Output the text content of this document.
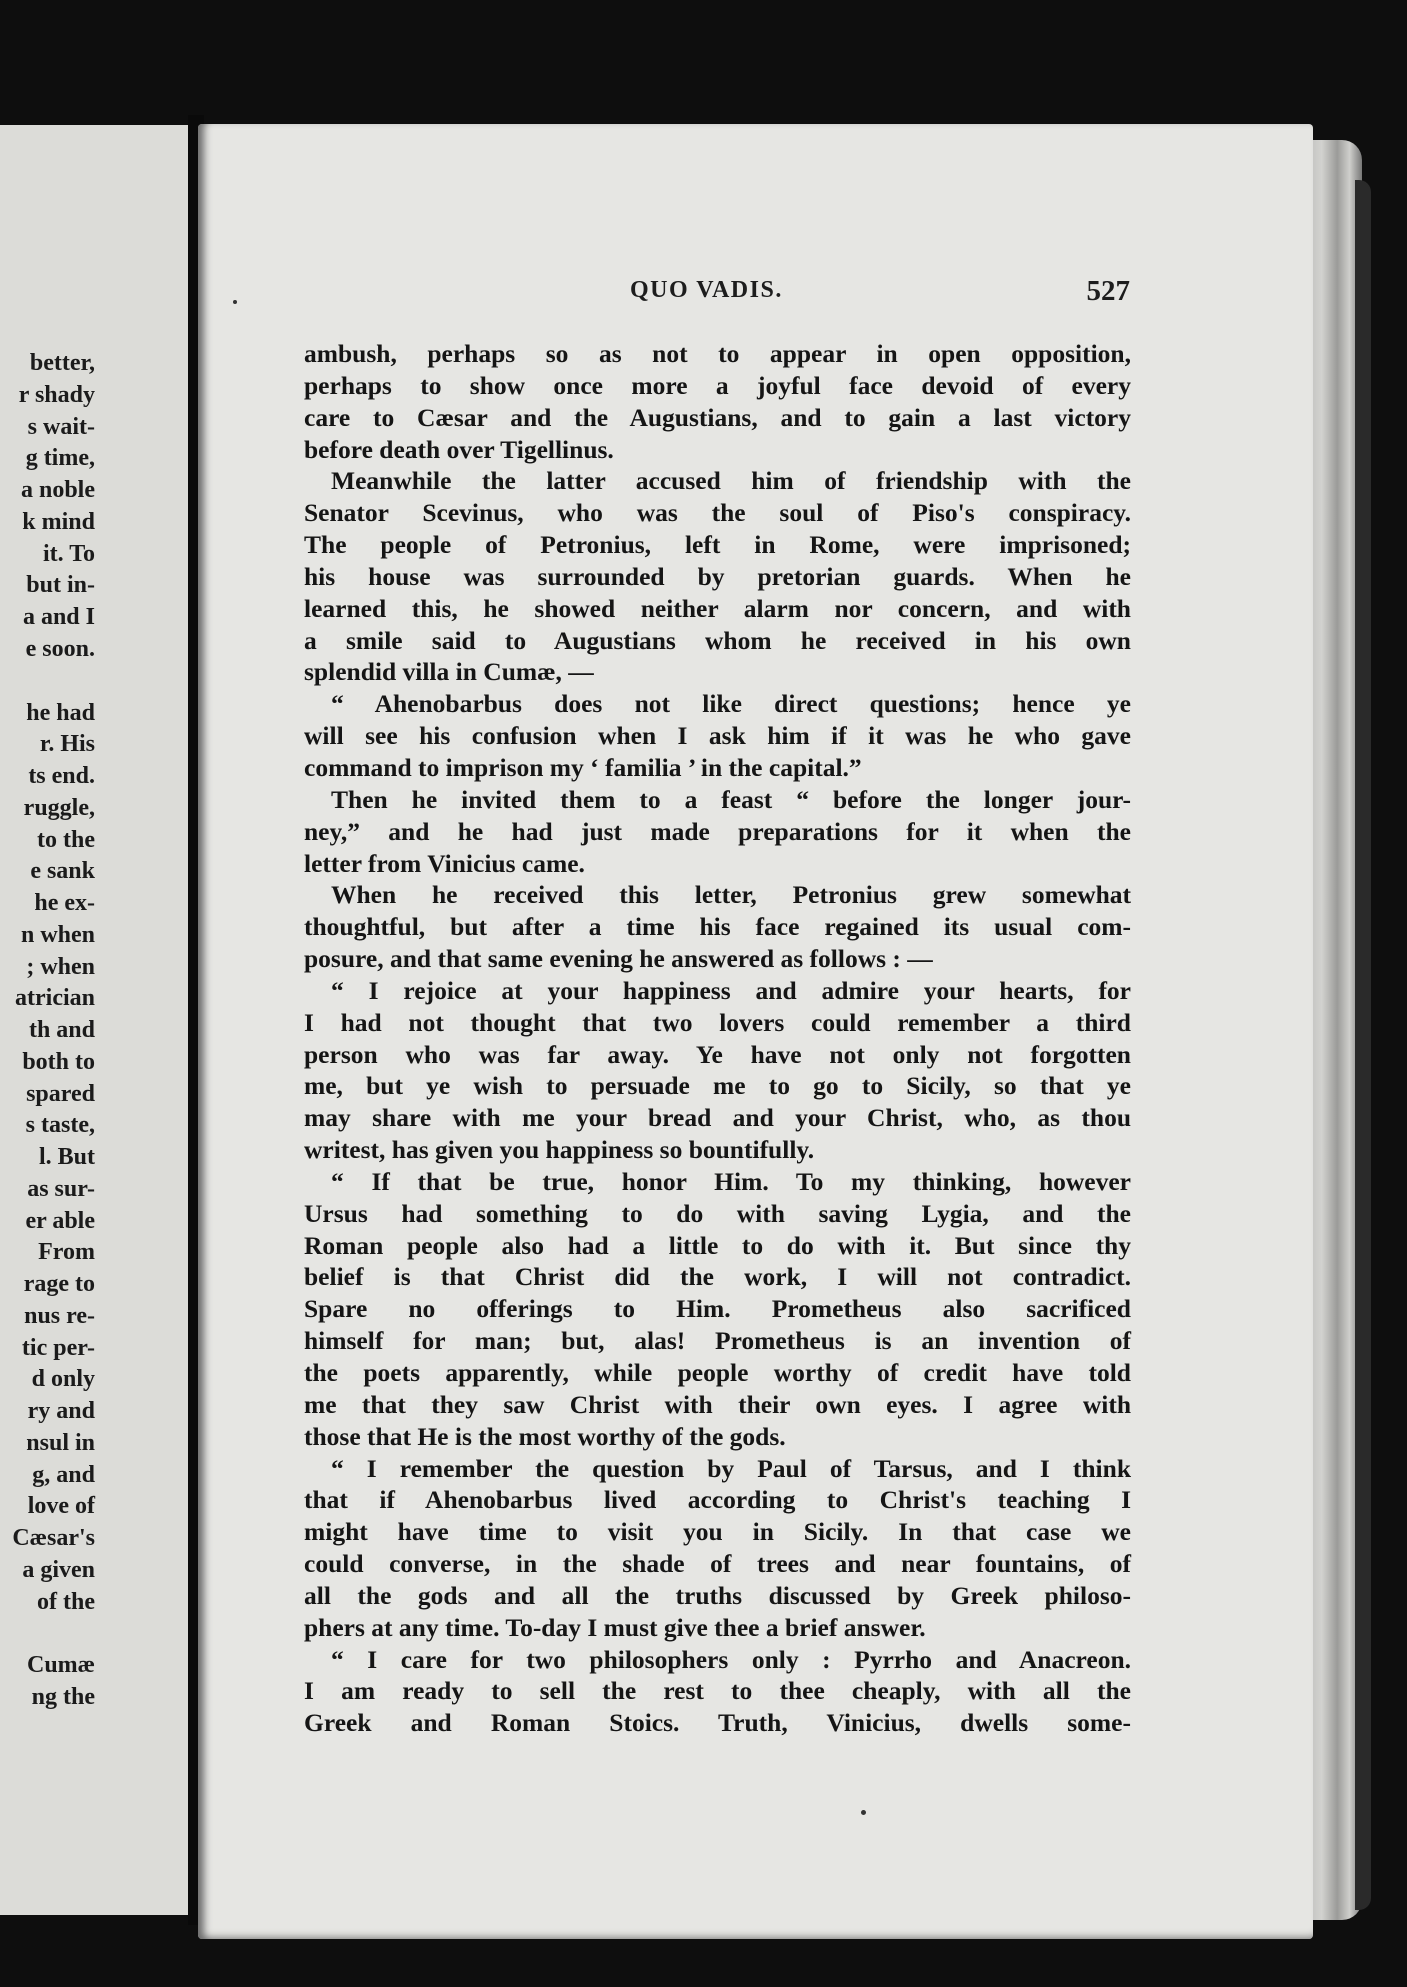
better,
r shady
s wait-
g time,
a noble
k mind
it. To
but in-
a and I
e soon.

he had
r. His
ts end.
ruggle,
to the
e sank
he ex-
n when
; when
atrician
th and
both to
spared
s taste,
l. But
as sur-
er able
From
rage to
nus re-
tic per-
d only
ry and
nsul in
g, and
love of
Cæsar's
a given
of the

Cumæ
ng the
QUO VADIS.	527
ambush, perhaps so as not to appear in open opposition,
perhaps to show once more a joyful face devoid of every
care to Cæsar and the Augustians, and to gain a last victory
before death over Tigellinus.
Meanwhile the latter accused him of friendship with the
Senator Scevinus, who was the soul of Piso's conspiracy.
The people of Petronius, left in Rome, were imprisoned;
his house was surrounded by pretorian guards. When he
learned this, he showed neither alarm nor concern, and with
a smile said to Augustians whom he received in his own
splendid villa in Cumæ, —
“ Ahenobarbus does not like direct questions; hence ye
will see his confusion when I ask him if it was he who gave
command to imprison my ‘ familia ’ in the capital.”
Then he invited them to a feast “ before the longer jour-
ney,” and he had just made preparations for it when the
letter from Vinicius came.
When he received this letter, Petronius grew somewhat
thoughtful, but after a time his face regained its usual com-
posure, and that same evening he answered as follows : —
“ I rejoice at your happiness and admire your hearts, for
I had not thought that two lovers could remember a third
person who was far away. Ye have not only not forgotten
me, but ye wish to persuade me to go to Sicily, so that ye
may share with me your bread and your Christ, who, as thou
writest, has given you happiness so bountifully.
“ If that be true, honor Him. To my thinking, however
Ursus had something to do with saving Lygia, and the
Roman people also had a little to do with it. But since thy
belief is that Christ did the work, I will not contradict.
Spare no offerings to Him. Prometheus also sacrificed
himself for man; but, alas! Prometheus is an invention of
the poets apparently, while people worthy of credit have told
me that they saw Christ with their own eyes. I agree with
those that He is the most worthy of the gods.
“ I remember the question by Paul of Tarsus, and I think
that if Ahenobarbus lived according to Christ's teaching I
might have time to visit you in Sicily. In that case we
could converse, in the shade of trees and near fountains, of
all the gods and all the truths discussed by Greek philoso-
phers at any time. To-day I must give thee a brief answer.
“ I care for two philosophers only : Pyrrho and Anacreon.
I am ready to sell the rest to thee cheaply, with all the
Greek and Roman Stoics. Truth, Vinicius, dwells some-
